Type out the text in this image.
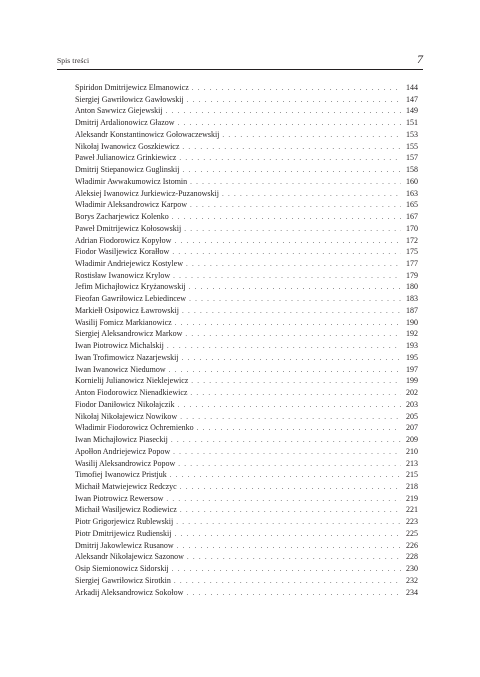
Spis treści	7
Spiridon Dmitrijewicz Elmanowicz . . .	144
Siergiej Gawriłowicz Gawłowskij . . .	147
Anton Sawwicz Giejewskij . . .	149
Dmitrij Ardalionowicz Głazow . . .	151
Aleksandr Konstantinowicz Gołowaczewskij . . .	153
Nikołaj Iwanowicz Goszkiewicz . . .	155
Paweł Julianowicz Grinkiewicz . . .	157
Dmitrij Stiepanowicz Guglinskij . . .	158
Władimir Awwakumowicz Istomin . . .	160
Aleksiej Iwanowicz Jurkiewicz-Puzanowskij . . .	163
Władimir Aleksandrowicz Karpow . . .	165
Borys Zacharjewicz Kolenko . . .	167
Paweł Dmitrijewicz Kołosowskij . . .	170
Adrian Fiodorowicz Kopyłow . . .	172
Fiodor Wasiljewicz Korałłow . . .	175
Władimir Andriejewicz Kostylew . . .	177
Rostisław Iwanowicz Krylow . . .	179
Jefim Michajłowicz Kryżanowskij . . .	180
Fieofan Gawriłowicz Lebiedincew . . .	183
Markiełł Osipowicz Ławrowskij . . .	187
Wasilij Fomicz Markianowicz . . .	190
Siergiej Aleksandrowicz Markow . . .	192
Iwan Piotrowicz Michalskij . . .	193
Iwan Trofimowicz Nazarjewskij . . .	195
Iwan Iwanowicz Niedumow . . .	197
Kornielij Julianowicz Nieklejewicz . . .	199
Anton Fiodorowicz Nienadkiewicz . . .	202
Fiodor Daniłowicz Nikołajczik . . .	203
Nikołaj Nikołajewicz Nowikow . . .	205
Władimir Fiodorowicz Ochremienko . . .	207
Iwan Michajłowicz Piaseckij . . .	209
Apołłon Andriejewicz Popow . . .	210
Wasilij Aleksandrowicz Popow . . .	213
Timofiej Iwanowicz Pristjuk . . .	215
Michaił Matwiejewicz Redczyc . . .	218
Iwan Piotrowicz Rewersow . . .	219
Michaił Wasiljewicz Rodiewicz . . .	221
Piotr Grigorjewicz Rublewskij . . .	223
Piotr Dmitrijewicz Rudienskij . . .	225
Dmitrij Jakowlewicz Rusanow . . .	226
Aleksandr Nikołajewicz Sazonow . . .	228
Osip Siemionowicz Sidorskij . . .	230
Siergiej Gawriłowicz Sirotkin . . .	232
Arkadij Aleksandrowicz Sokołow . . .	234
